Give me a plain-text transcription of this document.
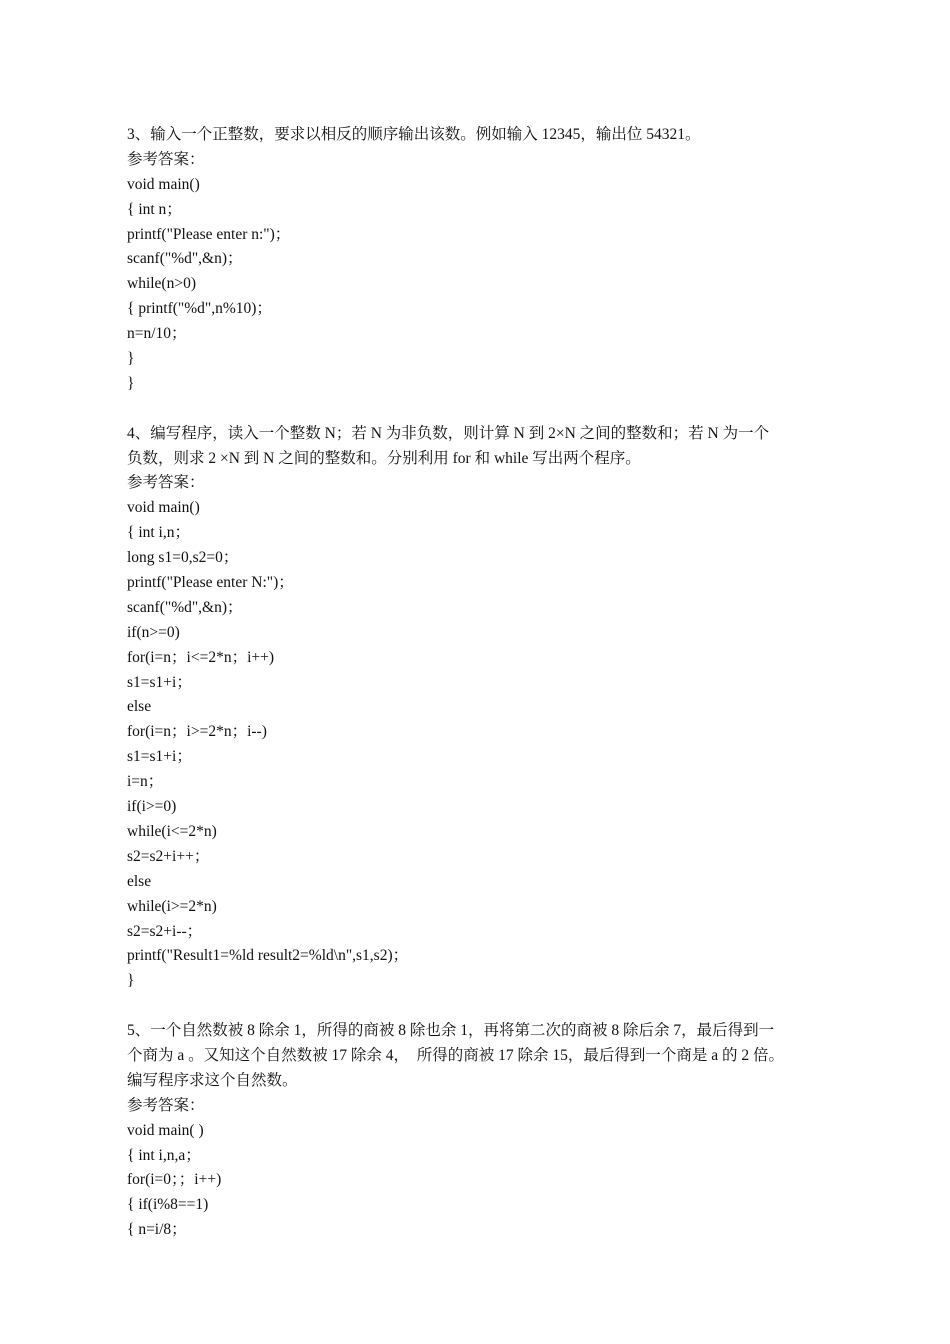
3、输入一个正整数，要求以相反的顺序输出该数。例如输入 12345，输出位 54321。
参考答案：
void main()
{ int n；
printf("Please enter n:")；
scanf("%d",&n)；
while(n>0)
{ printf("%d",n%10)；
n=n/10；
}
}
4、编写程序，读入一个整数 N；若 N 为非负数，则计算 N 到 2×N 之间的整数和；若 N 为一个
负数，则求 2 ×N 到 N 之间的整数和。分别利用 for 和 while 写出两个程序。
参考答案：
void main()
{ int i,n；
long s1=0,s2=0；
printf("Please enter N:")；
scanf("%d",&n)；
if(n>=0)
for(i=n；i<=2*n；i++)
s1=s1+i；
else
for(i=n；i>=2*n；i--)
s1=s1+i；
i=n；
if(i>=0)
while(i<=2*n)
s2=s2+i++；
else
while(i>=2*n)
s2=s2+i--；
printf("Result1=%ld result2=%ld\n",s1,s2)；
}
5、一个自然数被 8 除余 1，所得的商被 8 除也余 1，再将第二次的商被 8 除后余 7，最后得到一
个商为 a 。又知这个自然数被 17 除余 4，  所得的商被 17 除余 15，最后得到一个商是 a 的 2 倍。
编写程序求这个自然数。
参考答案：
void main( )
{ int i,n,a；
for(i=0；；i++)
{ if(i%8==1)
{ n=i/8；
